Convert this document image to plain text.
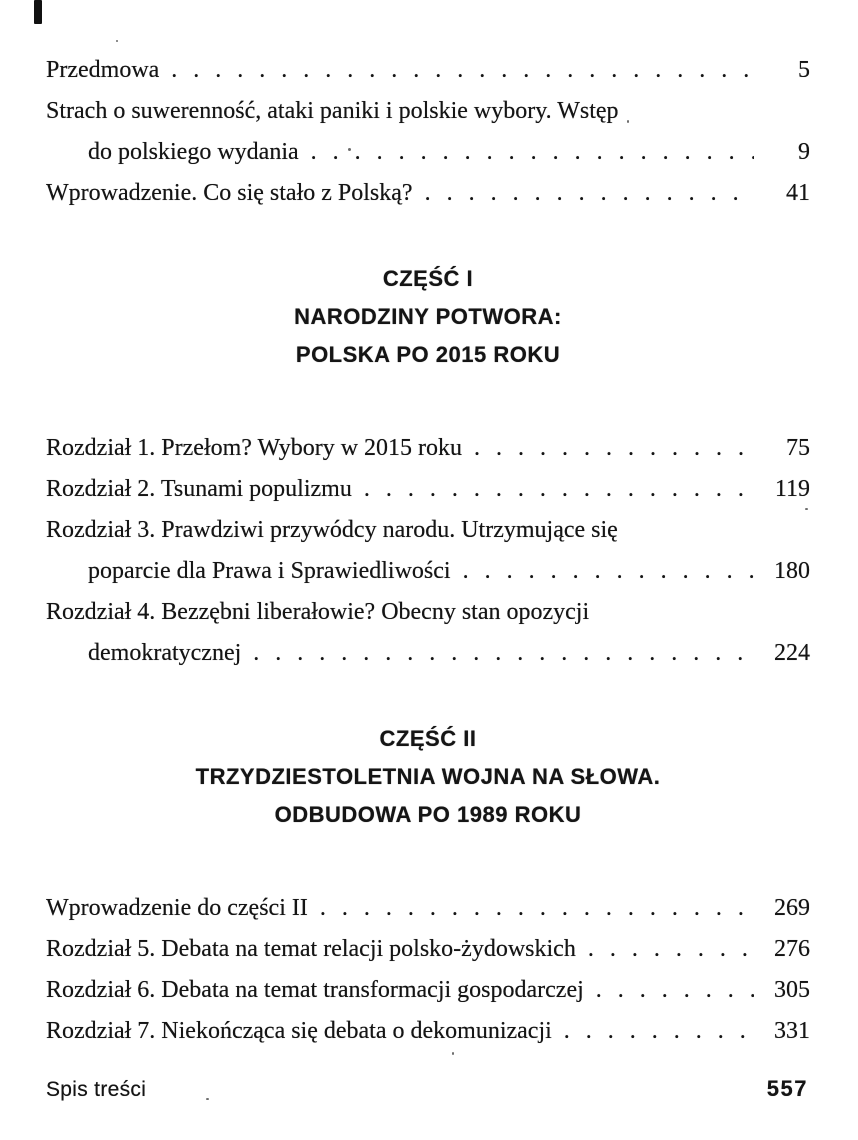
Przedmowa . . .	5
Strach o suwerenność, ataki paniki i polskie wybory. Wstęp
do polskiego wydania . . .	9
Wprowadzenie. Co się stało z Polską? . . .	41
CZĘŚĆ I
NARODZINY POTWORA:
POLSKA PO 2015 ROKU
Rozdział 1. Przełom? Wybory w 2015 roku . . .	75
Rozdział 2. Tsunami populizmu . . .	119
Rozdział 3. Prawdziwi przywódcy narodu. Utrzymujące się
poparcie dla Prawa i Sprawiedliwości . . .	180
Rozdział 4. Bezzębni liberałowie? Obecny stan opozycji
demokratycznej . . .	224
CZĘŚĆ II
TRZYDZIESTOLETNIA WOJNA NA SŁOWA.
ODBUDOWA PO 1989 ROKU
Wprowadzenie do części II . . .	269
Rozdział 5. Debata na temat relacji polsko-żydowskich . . .	276
Rozdział 6. Debata na temat transformacji gospodarczej . . .	305
Rozdział 7. Niekończąca się debata o dekomunizacji . . .	331
Spis treści	557
